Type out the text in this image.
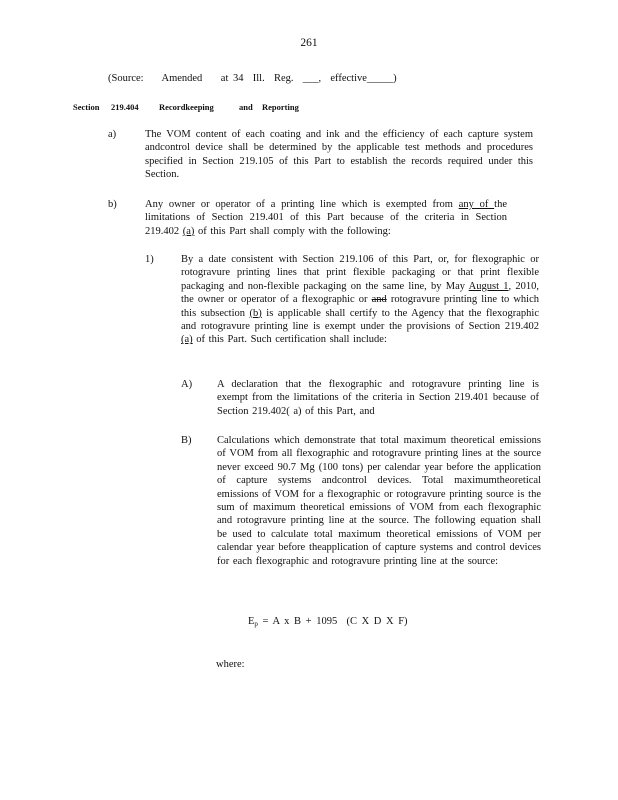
261
(Source:    Amended    at 34  Ill.  Reg.  ___,  effective_____)
Section 219.404 Recordkeeping	and Reporting
a)	The VOM content of each coating and ink and the efficiency of each capture system andcontrol device shall be determined by the applicable test methods and procedures specified in Section 219.105 of this Part to establish the records required under this Section.
b)	Any owner or operator of a printing line which is exempted from any of the limitations of Section 219.401 of this Part because of the criteria in Section 219.402 (a) of this Part shall comply with the following:
1)	By a date consistent with Section 219.106 of this Part, or, for flexographic or rotogravure printing lines that print flexible packaging or that print flexible packaging and non-flexible packaging on the same line, by May August 1, 2010, the owner or operator of a flexographic or and rotogravure printing line to which this subsection (b) is applicable shall certify to the Agency that the flexographic and rotogravure printing line is exempt under the provisions of Section 219.402 (a) of this Part. Such certification shall include:
A) A declaration that the flexographic and rotogravure printing line is exempt from the limitations of the criteria in Section 219.401 because of Section 219.402( a) of this Part, and
B) Calculations which demonstrate that total maximum theoretical emissions of VOM from all flexographic and rotogravure printing lines at the source never exceed 90.7 Mg (100 tons) per calendar year before the application of capture systems andcontrol devices. Total maximumtheoretical emissions of VOM for a flexographic or rotogravure printing source is the sum of maximum theoretical emissions of VOM from each flexographic and rotogravure printing line at the source. The following equation shall be used to calculate total maximum theoretical emissions of VOM per calendar year before theapplication of capture systems and control devices for each flexographic and rotogravure printing line at the source:
$E_p = A$ x B + 1095  (C X D X F)
where:
